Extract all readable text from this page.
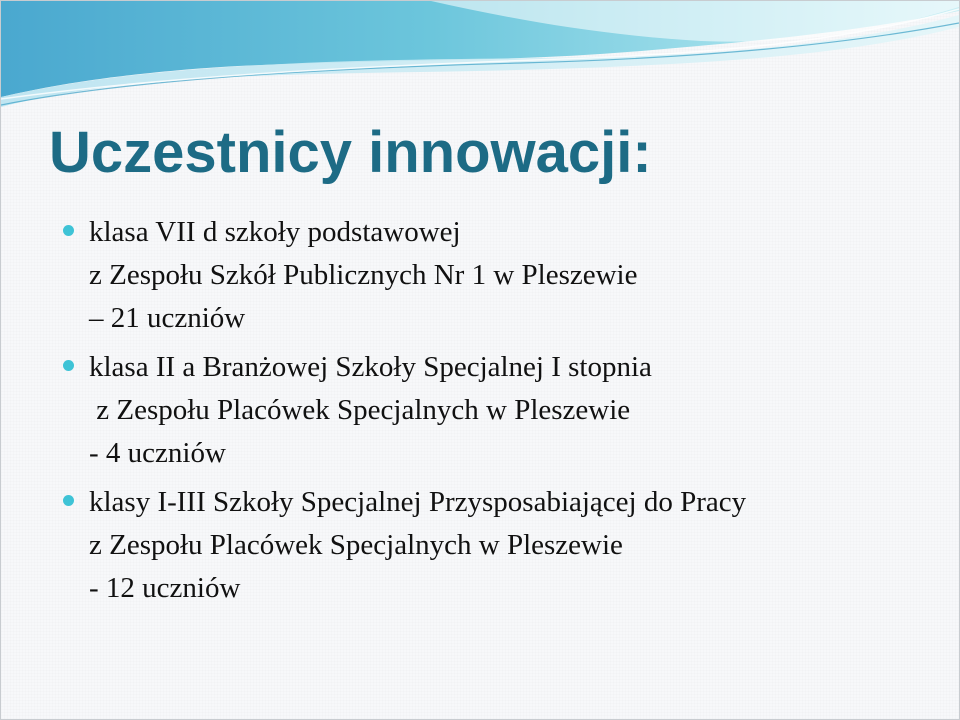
Uczestnicy innowacji:
klasa VII d szkoły podstawowej
z Zespołu Szkół Publicznych Nr 1 w Pleszewie
– 21 uczniów
klasa II a Branżowej Szkoły Specjalnej I stopnia
z Zespołu Placówek Specjalnych w Pleszewie
- 4 uczniów
klasy I-III Szkoły Specjalnej Przysposabiającej do Pracy
z Zespołu Placówek Specjalnych w Pleszewie
- 12 uczniów
